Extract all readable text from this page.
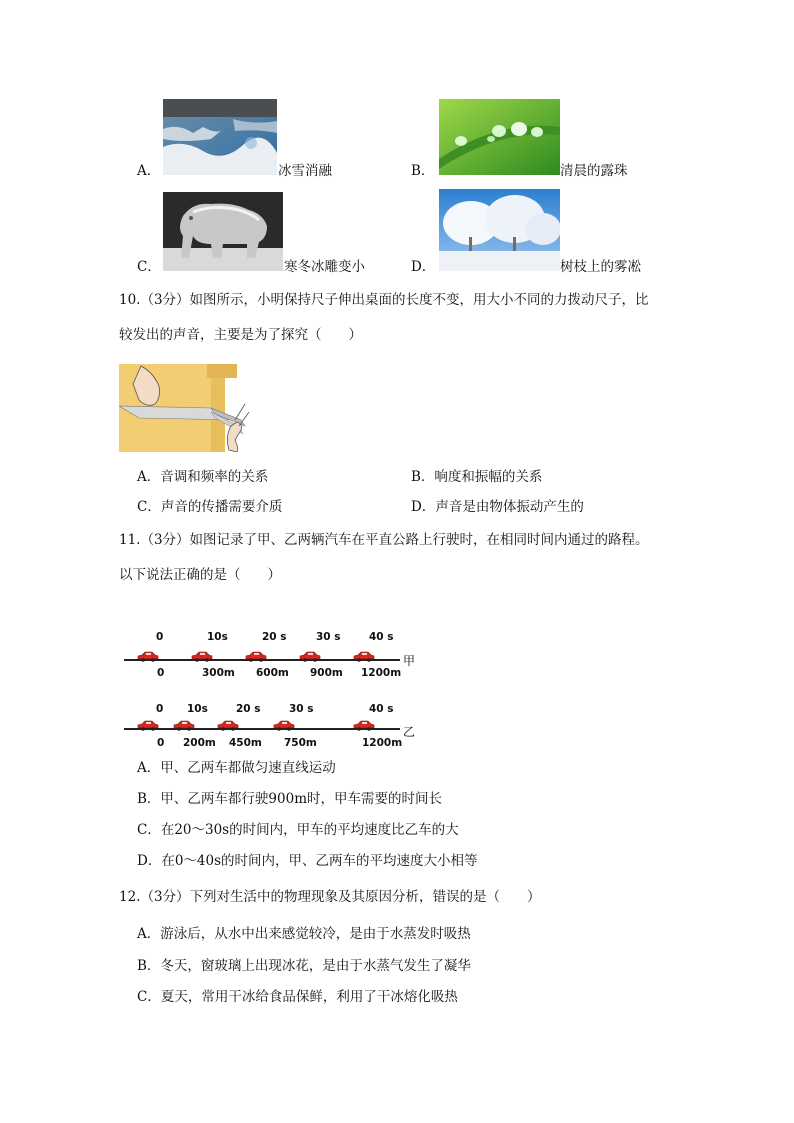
A．	冰雪消融	B．	清晨的露珠
C．	寒冬冰雕变小	D．	树枝上的雾凇
10.（3分）如图所示，小明保持尺子伸出桌面的长度不变，用大小不同的力拨动尺子，比
较发出的声音，主要是为了探究（　　）
A．音调和频率的关系	B．响度和振幅的关系
C．声音的传播需要介质	D．声音是由物体振动产生的
11.（3分）如图记录了甲、乙两辆汽车在平直公路上行驶时，在相同时间内通过的路程。
以下说法正确的是（　　）
0	10s	20 s	30 s	40 s
甲
0	300m 600m 900m 1200m
0 10s	20 s	30 s	40 s
乙
0 200m 450m 750m	1200m
A．甲、乙两车都做匀速直线运动
B．甲、乙两车都行驶900m时，甲车需要的时间长
C．在20～30s的时间内，甲车的平均速度比乙车的大
D．在0～40s的时间内，甲、乙两车的平均速度大小相等
12.（3分）下列对生活中的物理现象及其原因分析，错误的是（　　）
A．游泳后，从水中出来感觉较冷，是由于水蒸发时吸热
B．冬天，窗玻璃上出现冰花，是由于水蒸气发生了凝华
C．夏天，常用干冰给食品保鲜，利用了干冰熔化吸热
